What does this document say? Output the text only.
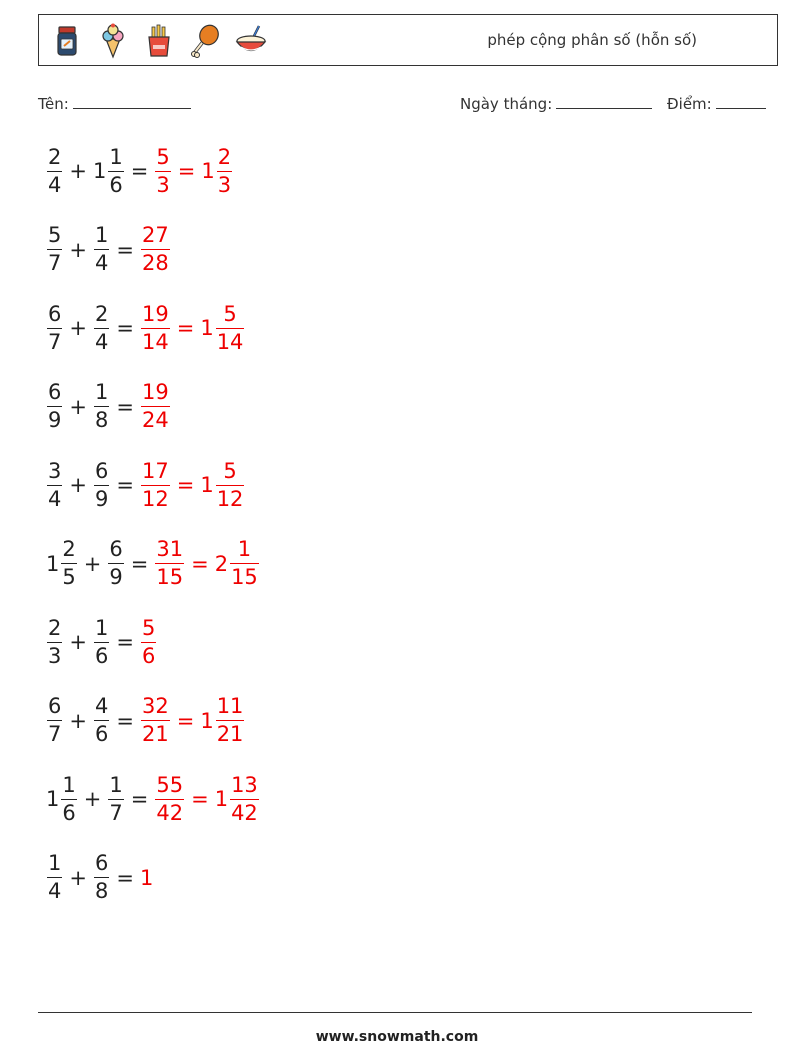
phép cộng phân số (hỗn số)
Tên:	Ngày tháng:	Điểm:
$\frac{2}{4} + 1 \frac{1}{6} = \frac{5}{3} = 1 \frac{2}{3}$
$\frac{5}{7} + \frac{1}{4} = \frac{27}{28}$
$\frac{6}{7} + \frac{2}{4} = \frac{19}{14} = 1 \frac{5}{14}$
$\frac{6}{9} + \frac{1}{8} = \frac{19}{24}$
$\frac{3}{4} + \frac{6}{9} = \frac{17}{12} = 1 \frac{5}{12}$
$1 \frac{2}{5} + \frac{6}{9} = \frac{31}{15} = 2 \frac{1}{15}$
$\frac{2}{3} + \frac{1}{6} = \frac{5}{6}$
$\frac{6}{7} + \frac{4}{6} = \frac{32}{21} = 1 \frac{11}{21}$
$1 \frac{1}{6} + \frac{1}{7} = \frac{55}{42} = 1 \frac{13}{42}$
$\frac{1}{4} + \frac{6}{8} = 1$
www.snowmath.com
